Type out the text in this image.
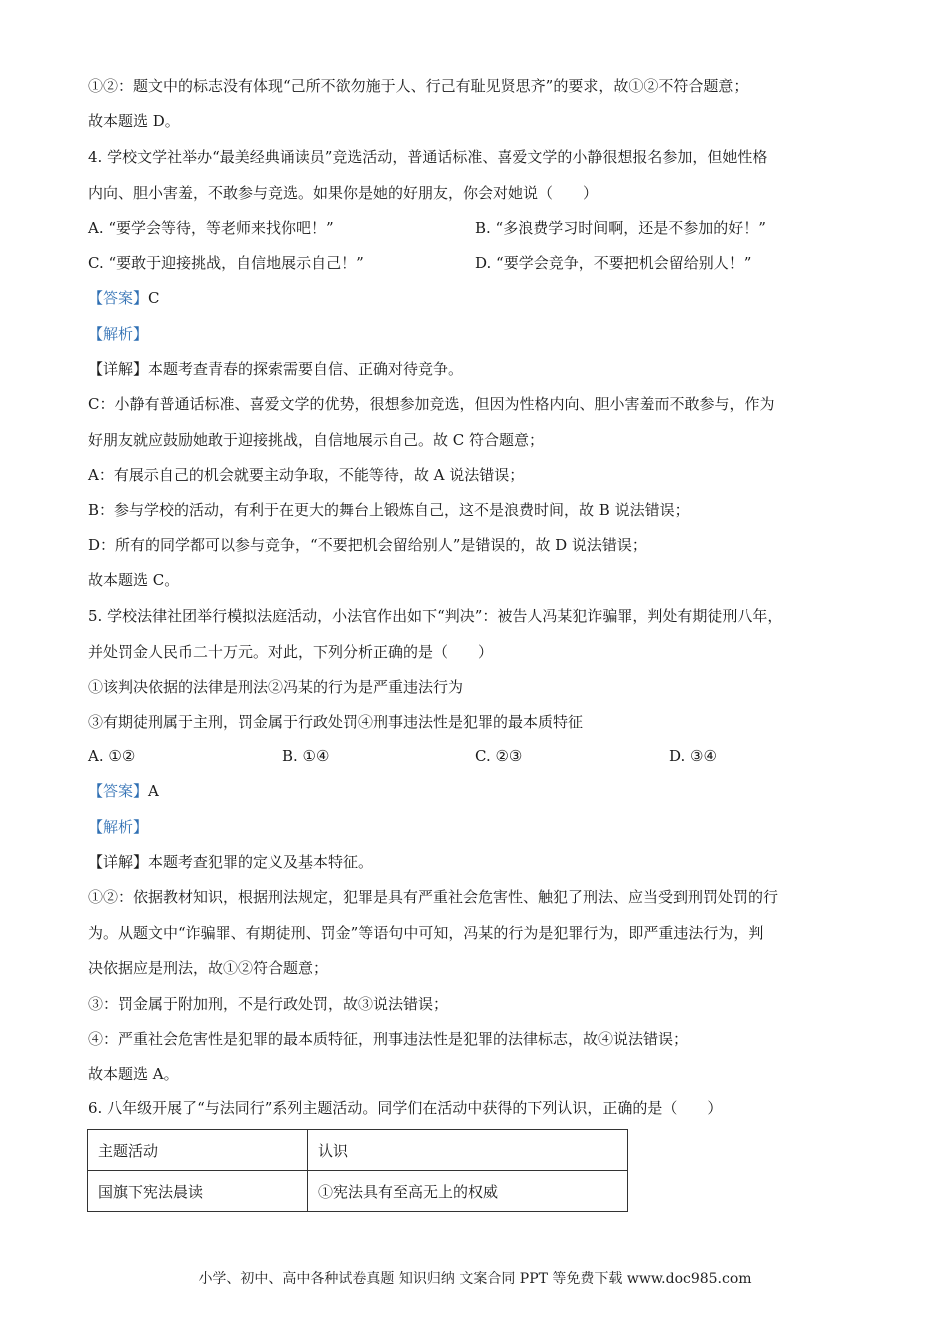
①②：题文中的标志没有体现“己所不欲勿施于人、行己有耻见贤思齐”的要求，故①②不符合题意；
故本题选 D。
4. 学校文学社举办“最美经典诵读员”竞选活动，普通话标准、喜爱文学的小静很想报名参加，但她性格
内向、胆小害羞，不敢参与竞选。如果你是她的好朋友，你会对她说（　　）
A. “要学会等待，等老师来找你吧！”	B. “多浪费学习时间啊，还是不参加的好！”
C. “要敢于迎接挑战，自信地展示自己！”	D. “要学会竞争，不要把机会留给别人！”
【答案】C
【解析】
【详解】本题考查青春的探索需要自信、正确对待竞争。
C：小静有普通话标准、喜爱文学的优势，很想参加竞选，但因为性格内向、胆小害羞而不敢参与，作为
好朋友就应鼓励她敢于迎接挑战，自信地展示自己。故 C 符合题意；
A：有展示自己的机会就要主动争取，不能等待，故 A 说法错误；
B：参与学校的活动，有利于在更大的舞台上锻炼自己，这不是浪费时间，故 B 说法错误；
D：所有的同学都可以参与竞争，“不要把机会留给别人”是错误的，故 D 说法错误；
故本题选 C。
5. 学校法律社团举行模拟法庭活动，小法官作出如下“判决”：被告人冯某犯诈骗罪，判处有期徒刑八年，
并处罚金人民币二十万元。对此，下列分析正确的是（　　）
①该判决依据的法律是刑法②冯某的行为是严重违法行为
③有期徒刑属于主刑，罚金属于行政处罚④刑事违法性是犯罪的最本质特征
A. ①②	B. ①④	C. ②③	D. ③④
【答案】A
【解析】
【详解】本题考查犯罪的定义及基本特征。
①②：依据教材知识，根据刑法规定，犯罪是具有严重社会危害性、触犯了刑法、应当受到刑罚处罚的行
为。从题文中“诈骗罪、有期徒刑、罚金”等语句中可知，冯某的行为是犯罪行为，即严重违法行为，判
决依据应是刑法，故①②符合题意；
③：罚金属于附加刑，不是行政处罚，故③说法错误；
④：严重社会危害性是犯罪的最本质特征，刑事违法性是犯罪的法律标志，故④说法错误；
故本题选 A。
6. 八年级开展了“与法同行”系列主题活动。同学们在活动中获得的下列认识，正确的是（　　）
主题活动	认识
国旗下宪法晨读	①宪法具有至高无上的权威
小学、初中、高中各种试卷真题 知识归纳 文案合同 PPT 等免费下载 www.doc985.com
